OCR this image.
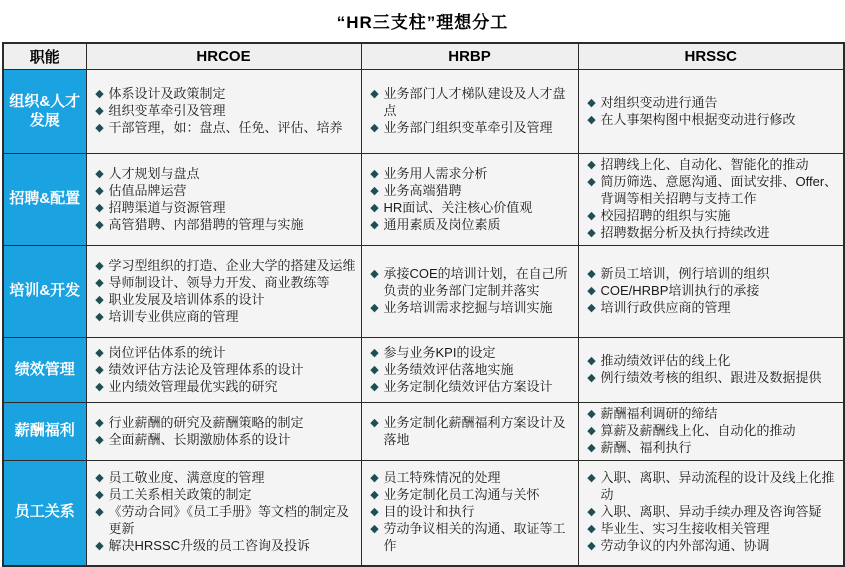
“HR三支柱”理想分工
职能	HRCOE	HRBP	HRSSC
组织&人才发展	
◆ 体系设计及政策制定
◆ 组织变革牵引及管理
◆ 干部管理，如：盘点、任免、评估、培养

◆ 业务部门人才梯队建设及人才盘点
◆ 业务部门组织变革牵引及管理

◆ 对组织变动进行通告
◆ 在人事架构图中根据变动进行修改

招聘&配置	
◆ 人才规划与盘点
◆ 估值品牌运营
◆ 招聘渠道与资源管理
◆ 高管猎聘、内部猎聘的管理与实施

◆ 业务用人需求分析
◆ 业务高端猎聘
◆ HR面试、关注核心价值观
◆ 通用素质及岗位素质

◆ 招聘线上化、自动化、智能化的推动
◆ 简历筛选、意愿沟通、面试安排、Offer、背调等相关招聘与支持工作
◆ 校园招聘的组织与实施
◆ 招聘数据分析及执行持续改进

培训&开发	
◆ 学习型组织的打造、企业大学的搭建及运维
◆ 导师制设计、领导力开发、商业教练等
◆ 职业发展及培训体系的设计
◆ 培训专业供应商的管理

◆ 承接COE的培训计划，在自己所负责的业务部门定制并落实
◆ 业务培训需求挖掘与培训实施

◆ 新员工培训，例行培训的组织
◆ COE/HRBP培训执行的承接
◆ 培训行政供应商的管理

绩效管理	
◆ 岗位评估体系的统计
◆ 绩效评估方法论及管理体系的设计
◆ 业内绩效管理最优实践的研究

◆ 参与业务KPI的设定
◆ 业务绩效评估落地实施
◆ 业务定制化绩效评估方案设计

◆ 推动绩效评估的线上化
◆ 例行绩效考核的组织、跟进及数据提供

薪酬福利	◆ 行业薪酬的研究及薪酬策略的制定
◆ 全面薪酬、长期激励体系的设计

◆ 业务定制化薪酬福利方案设计及落地

◆ 薪酬福利调研的缔结
◆ 算薪及薪酬线上化、自动化的推动
◆ 薪酬、福利执行

员工关系	
◆ 员工敬业度、满意度的管理
◆ 员工关系相关政策的制定
◆ 《劳动合同》《员工手册》等文档的制定及更新
◆ 解决HRSSC升级的员工咨询及投诉

◆ 员工特殊情况的处理
◆ 业务定制化员工沟通与关怀
◆ 目的设计和执行
◆ 劳动争议相关的沟通、取证等工作

◆ 入职、离职、异动流程的设计及线上化推动
◆ 入职、离职、异动手续办理及咨询答疑
◆ 毕业生、实习生接收相关管理
◆ 劳动争议的内外部沟通、协调
